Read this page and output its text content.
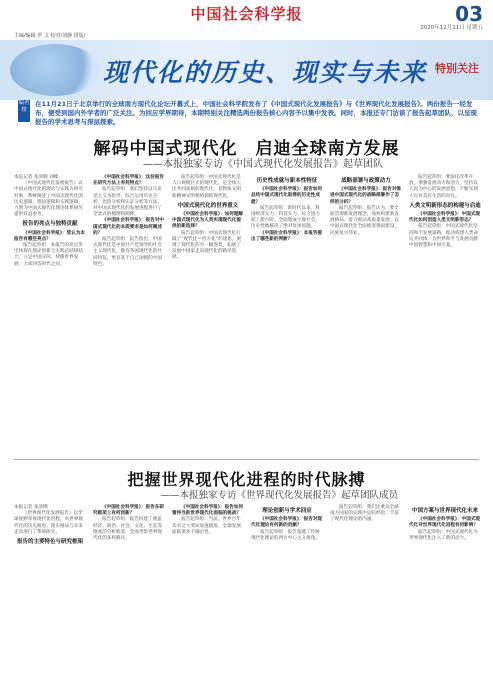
中国社会科学报	03
2020年12月11日 星期五
主编/编辑 罗 文 校对/刘静 排版/
现代化的历史、现实与未来 特别关注
编者按
在11月21日于北京举行的全球南方现代化论坛开幕式上，中国社会科学院发布了《中国式现代化发展报告》与《世界现代化发展报告》。两份报告一经发布，便受到国内外学者的广泛关注。为回应学界期待，本期特别关注精选两份报告核心内容予以集中发表。同时，本报还专门访谈了报告起草团队，以呈现报告的学术思考与深层探索。
解码中国式现代化　启迪全球南方发展
——本报独家专访《中国式现代化发展报告》起草团队

本报记者 张清俐 刘峰

《中国式现代化发展报告》以中国式现代化的理论与实践为研究对象，系统阐述了中国式现代化的历史逻辑、理论逻辑和实践逻辑，力图为中国式现代化理论体系研究提供有益参考。

报告的亮点与独特贡献

《中国社会科学报》：您认为本报告有哪些亮点？

报告起草组：本报告的亮点突出体现在理论创新与实践总结相结合，立足中国实际，放眼世界发展，力求回答时代之问。

《中国社会科学报》：这份报告在研究方法上有何特点？

报告起草组：我们坚持以马克思主义为指导，综合运用历史分析、比较分析和实证分析等方法，对中国式现代化的发展进程进行了全景式的梳理和阐释。

《中国社会科学报》：报告对中国式现代化的本质要求是如何阐述的？

报告起草组：报告指出，中国式现代化是中国共产党领导的社会主义现代化，既有各国现代化的共同特征，更有基于自己国情的中国特色。

报告起草组：中国式现代化是人口规模巨大的现代化，是全体人民共同富裕的现代化，是物质文明和精神文明相协调的现代化。

中国式现代化的世界意义

《中国社会科学报》：如何理解中国式现代化为人类实现现代化提供的新选择？

报告起草组：中国式现代化打破了“现代化＝西方化”的迷思，展现了现代化的另一幅图景，拓展了发展中国家走向现代化的路径选择。

历史性成就与新本性特征

《中国社会科学报》：报告如何总结中国式现代化取得的历史性成就？

报告起草组：新时代以来，我国经济实力、科技实力、综合国力跃上新台阶，全面建成小康社会，历史性地解决了绝对贫困问题。

《中国社会科学报》：本报告提出了哪些新的判断？

战略部署与政策动力

《中国社会科学报》：报告对推进中国式现代化的战略部署作了怎样的分析？

报告起草组：报告认为，要全面贯彻新发展理念，加快构建新发展格局，着力推动高质量发展，以中国式现代化全面推进强国建设、民族复兴伟业。

报告起草组：要深化改革开放，增强发展动力和活力，坚持以人民为中心的发展思想，不断实现人民对美好生活的向往。

人类文明新形态的构建与启迪

《中国社会科学报》：中国式现代化如何创造人类文明新形态？

报告起草组：中国式现代化坚持和平发展道路，推动构建人类命运共同体，为世界和平与发展贡献中国智慧和中国方案。

把握世界现代化进程的时代脉搏
——本报独家专访《世界现代化发展报告》起草团队成员

本报记者 张清俐

《世界现代化发展报告》以全球视野审视现代化进程，对世界现代化的历史演进、现实格局与未来走向进行了系统研究。

报告的主要特色与研究框架

《中国社会科学报》：报告在研究框架上有何创新？

报告起草组：报告构建了涵盖经济、政治、社会、文化、生态等维度的分析框架，全面考察世界现代化的多样路径。

《中国社会科学报》：报告如何看待当前世界现代化面临的挑战？

报告起草组：当前，世界百年未有之大变局加速演进，全球发展面临诸多不确定性。

理论创新与学术回应

《中国社会科学报》：报告对现代化理论有何新的贡献？

报告起草组：报告超越了传统现代化理论的西方中心主义视角。

报告起草组：我们注重从全球南方国家的实践中总结经验，丰富了现代化理论的内涵。

中国方案与世界现代化未来

《中国社会科学报》：中国式现代化对世界现代化进程有何影响？

报告起草组：中国式现代化为世界现代化注入了新的动力。
